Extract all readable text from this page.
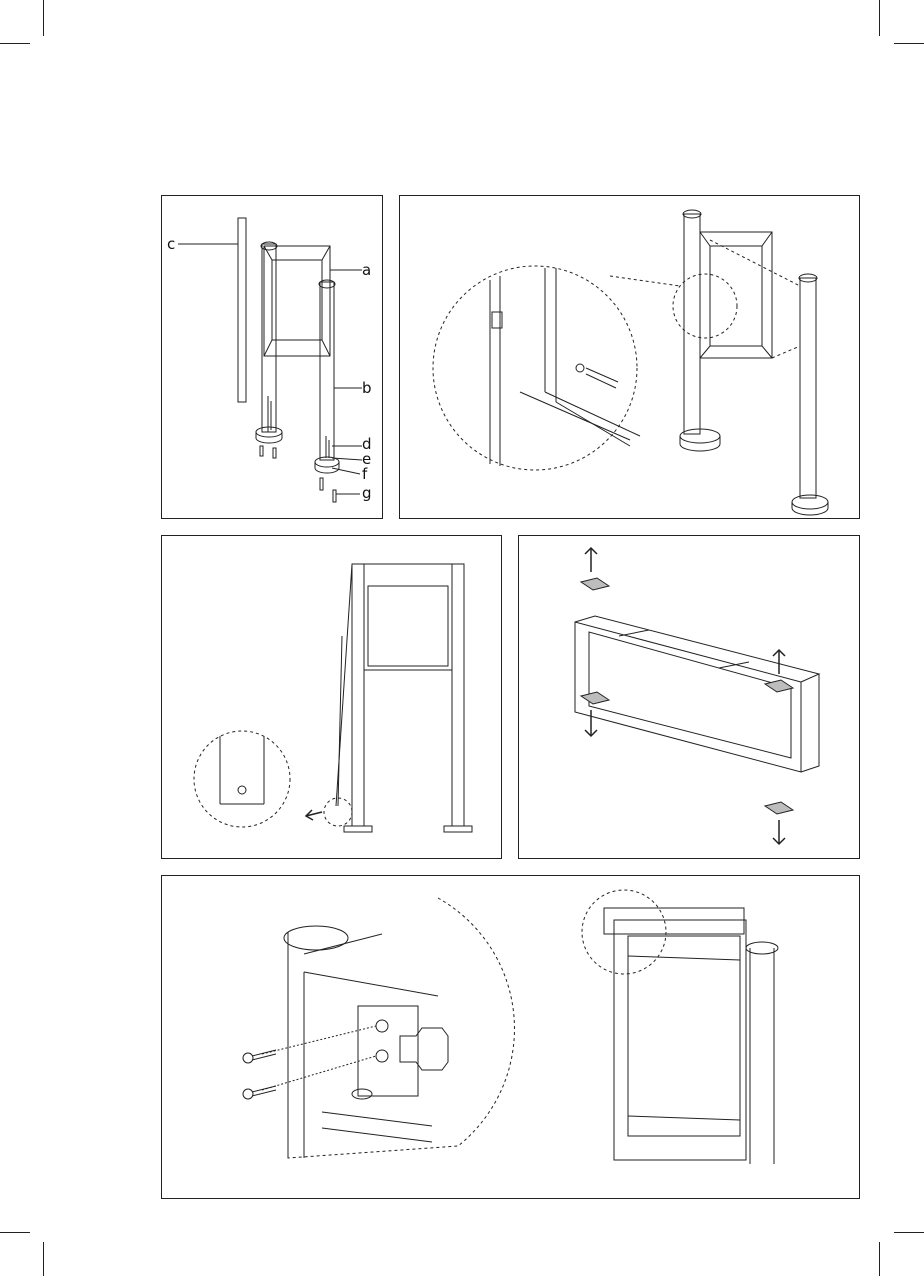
a
b
c
d
e
f
g
